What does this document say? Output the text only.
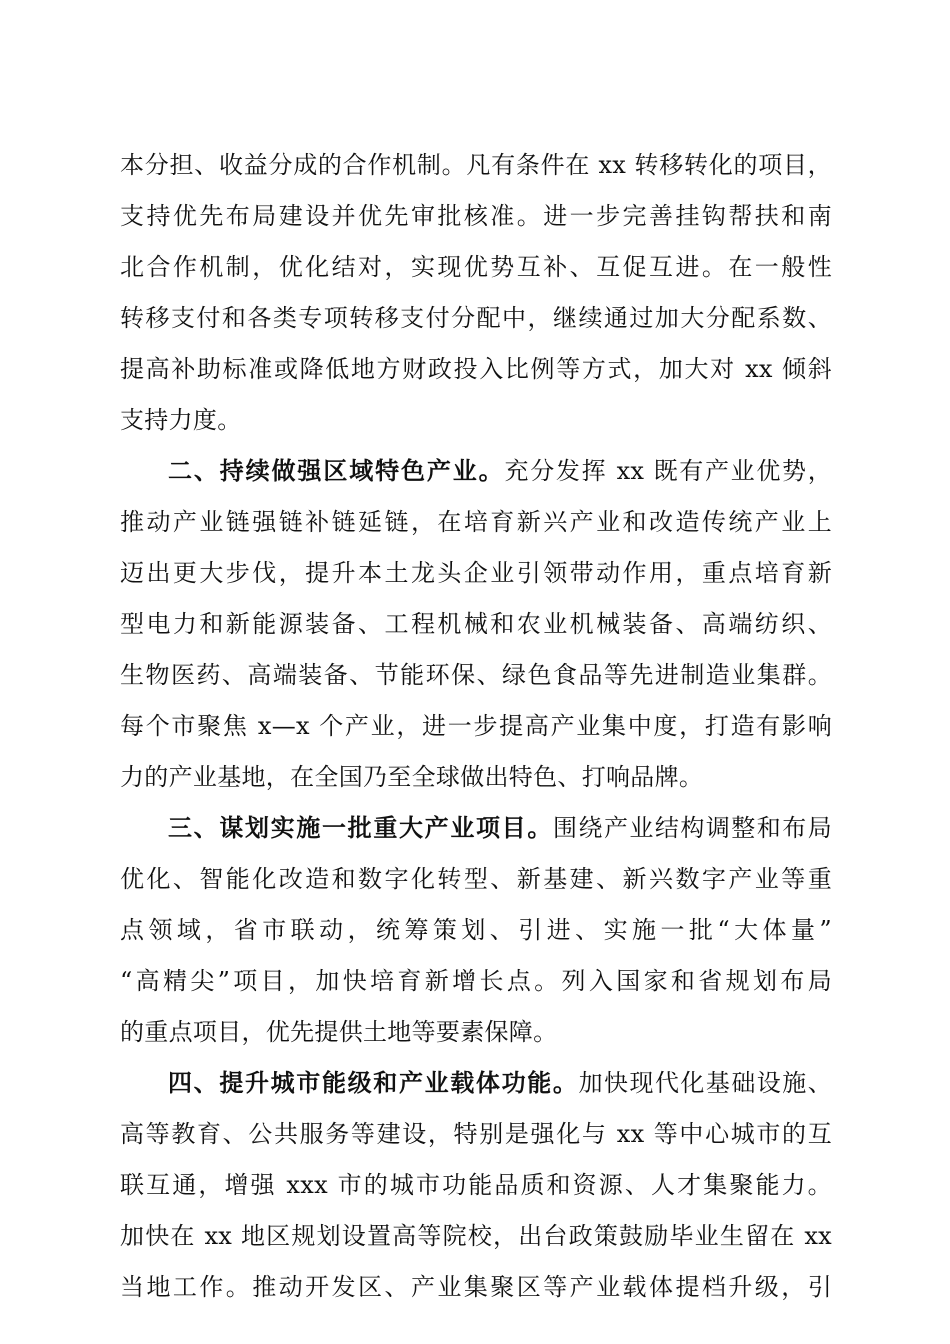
本分担、收益分成的合作机制。凡有条件在 xx 转移转化的项目，
支持优先布局建设并优先审批核准。进一步完善挂钩帮扶和南
北合作机制，优化结对，实现优势互补、互促互进。在一般性
转移支付和各类专项转移支付分配中，继续通过加大分配系数、
提高补助标准或降低地方财政投入比例等方式，加大对 xx 倾斜
支持力度。
二、持续做强区域特色产业。充分发挥 xx 既有产业优势，
推动产业链强链补链延链，在培育新兴产业和改造传统产业上
迈出更大步伐，提升本土龙头企业引领带动作用，重点培育新
型电力和新能源装备、工程机械和农业机械装备、高端纺织、
生物医药、高端装备、节能环保、绿色食品等先进制造业集群。
每个市聚焦 x—x 个产业，进一步提高产业集中度，打造有影响
力的产业基地，在全国乃至全球做出特色、打响品牌。
三、谋划实施一批重大产业项目。围绕产业结构调整和布局
优化、智能化改造和数字化转型、新基建、新兴数字产业等重
点领域，省市联动，统筹策划、引进、实施一批“大体量”
“高精尖”项目，加快培育新增长点。列入国家和省规划布局
的重点项目，优先提供土地等要素保障。
四、提升城市能级和产业载体功能。加快现代化基础设施、
高等教育、公共服务等建设，特别是强化与 xx 等中心城市的互
联互通，增强 xxx 市的城市功能品质和资源、人才集聚能力。
加快在 xx 地区规划设置高等院校，出台政策鼓励毕业生留在 xx
当地工作。推动开发区、产业集聚区等产业载体提档升级，引
